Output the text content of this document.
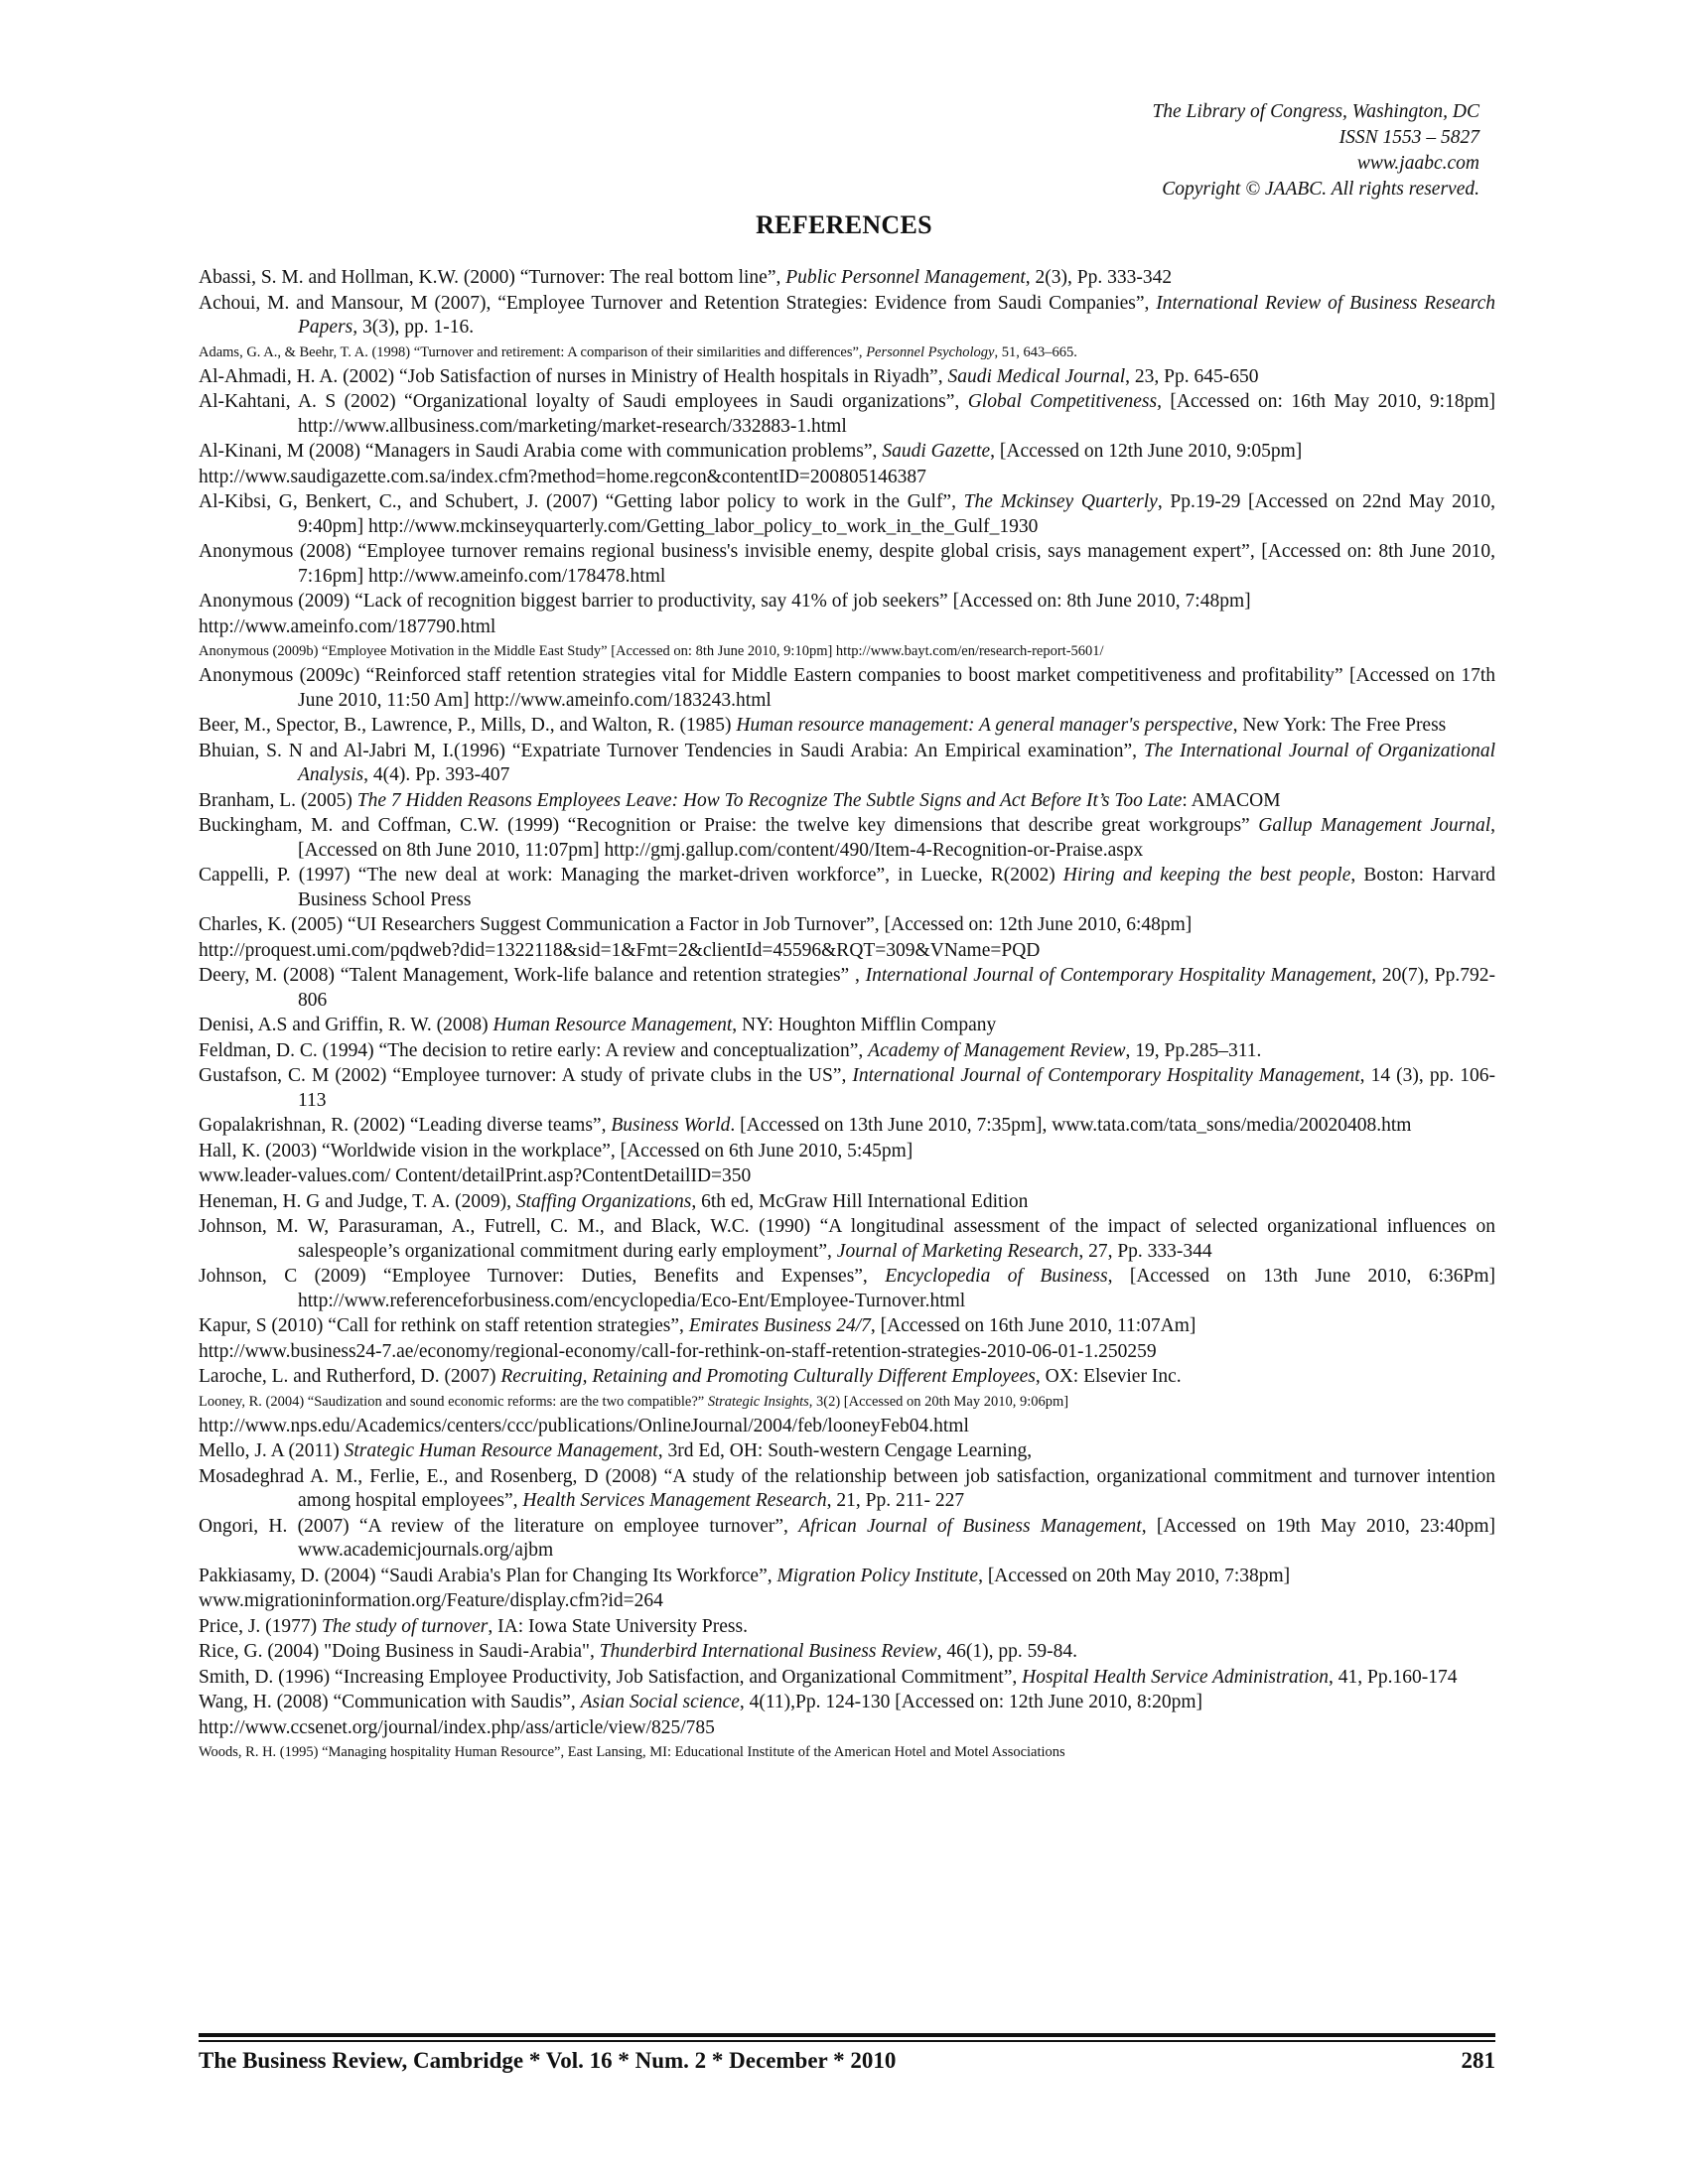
The Library of Congress, Washington, DC
ISSN 1553 – 5827
www.jaabc.com
Copyright © JAABC. All rights reserved.
REFERENCES
Abassi, S. M. and Hollman, K.W. (2000) “Turnover: The real bottom line”, Public Personnel Management, 2(3), Pp. 333-342
Achoui, M. and Mansour, M (2007), “Employee Turnover and Retention Strategies: Evidence from Saudi Companies”, International Review of Business Research Papers, 3(3), pp. 1-16.
Adams, G. A., & Beehr, T. A. (1998) “Turnover and retirement: A comparison of their similarities and differences”, Personnel Psychology, 51, 643–665.
Al-Ahmadi, H. A. (2002) “Job Satisfaction of nurses in Ministry of Health hospitals in Riyadh”, Saudi Medical Journal, 23, Pp. 645-650
Al-Kahtani, A. S (2002) “Organizational loyalty of Saudi employees in Saudi organizations”, Global Competitiveness, [Accessed on: 16th May 2010, 9:18pm] http://www.allbusiness.com/marketing/market-research/332883-1.html
Al-Kinani, M (2008) “Managers in Saudi Arabia come with communication problems”, Saudi Gazette, [Accessed on 12th June 2010, 9:05pm]
http://www.saudigazette.com.sa/index.cfm?method=home.regcon&contentID=200805146387
Al-Kibsi, G, Benkert, C., and Schubert, J. (2007) “Getting labor policy to work in the Gulf”, The Mckinsey Quarterly, Pp.19-29 [Accessed on 22nd May 2010, 9:40pm] http://www.mckinseyquarterly.com/Getting_labor_policy_to_work_in_the_Gulf_1930
Anonymous (2008) “Employee turnover remains regional business's invisible enemy, despite global crisis, says management expert”, [Accessed on: 8th June 2010, 7:16pm] http://www.ameinfo.com/178478.html
Anonymous (2009) “Lack of recognition biggest barrier to productivity, say 41% of job seekers” [Accessed on: 8th June 2010, 7:48pm]
http://www.ameinfo.com/187790.html
Anonymous (2009b) “Employee Motivation in the Middle East Study” [Accessed on: 8th June 2010, 9:10pm] http://www.bayt.com/en/research-report-5601/
Anonymous (2009c) “Reinforced staff retention strategies vital for Middle Eastern companies to boost market competitiveness and profitability” [Accessed on 17th June 2010, 11:50 Am] http://www.ameinfo.com/183243.html
Beer, M., Spector, B., Lawrence, P., Mills, D., and Walton, R. (1985) Human resource management: A general manager's perspective, New York: The Free Press
Bhuian, S. N and Al-Jabri M, I.(1996) “Expatriate Turnover Tendencies in Saudi Arabia: An Empirical examination”, The International Journal of Organizational Analysis, 4(4). Pp. 393-407
Branham, L. (2005) The 7 Hidden Reasons Employees Leave: How To Recognize The Subtle Signs and Act Before It’s Too Late: AMACOM
Buckingham, M. and Coffman, C.W. (1999) “Recognition or Praise: the twelve key dimensions that describe great workgroups” Gallup Management Journal, [Accessed on 8th June 2010, 11:07pm] http://gmj.gallup.com/content/490/Item-4-Recognition-or-Praise.aspx
Cappelli, P. (1997) “The new deal at work: Managing the market-driven workforce”, in Luecke, R(2002) Hiring and keeping the best people, Boston: Harvard Business School Press
Charles, K. (2005) “UI Researchers Suggest Communication a Factor in Job Turnover”, [Accessed on: 12th June 2010, 6:48pm]
http://proquest.umi.com/pqdweb?did=1322118&sid=1&Fmt=2&clientId=45596&RQT=309&VName=PQD
Deery, M. (2008) “Talent Management, Work-life balance and retention strategies” , International Journal of Contemporary Hospitality Management, 20(7), Pp.792-806
Denisi, A.S and Griffin, R. W. (2008) Human Resource Management, NY: Houghton Mifflin Company
Feldman, D. C. (1994) “The decision to retire early: A review and conceptualization”, Academy of Management Review, 19, Pp.285–311.
Gustafson, C. M (2002) “Employee turnover: A study of private clubs in the US”, International Journal of Contemporary Hospitality Management, 14 (3), pp. 106-113
Gopalakrishnan, R. (2002) “Leading diverse teams”, Business World. [Accessed on 13th June 2010, 7:35pm], www.tata.com/tata_sons/media/20020408.htm
Hall, K. (2003) “Worldwide vision in the workplace”, [Accessed on 6th June 2010, 5:45pm]
www.leader-values.com/ Content/detailPrint.asp?ContentDetailID=350
Heneman, H. G and Judge, T. A. (2009), Staffing Organizations, 6th ed, McGraw Hill International Edition
Johnson, M. W, Parasuraman, A., Futrell, C. M., and Black, W.C. (1990) “A longitudinal assessment of the impact of selected organizational influences on salespeople’s organizational commitment during early employment”, Journal of Marketing Research, 27, Pp. 333-344
Johnson, C (2009) “Employee Turnover: Duties, Benefits and Expenses”, Encyclopedia of Business, [Accessed on 13th June 2010, 6:36Pm] http://www.referenceforbusiness.com/encyclopedia/Eco-Ent/Employee-Turnover.html
Kapur, S (2010) “Call for rethink on staff retention strategies”, Emirates Business 24/7, [Accessed on 16th June 2010, 11:07Am]
http://www.business24-7.ae/economy/regional-economy/call-for-rethink-on-staff-retention-strategies-2010-06-01-1.250259
Laroche, L. and Rutherford, D. (2007) Recruiting, Retaining and Promoting Culturally Different Employees, OX: Elsevier Inc.
Looney, R. (2004) “Saudization and sound economic reforms: are the two compatible?” Strategic Insights, 3(2) [Accessed on 20th May 2010, 9:06pm]
http://www.nps.edu/Academics/centers/ccc/publications/OnlineJournal/2004/feb/looneyFeb04.html
Mello, J. A (2011) Strategic Human Resource Management, 3rd Ed, OH: South-western Cengage Learning,
Mosadeghrad A. M., Ferlie, E., and Rosenberg, D (2008) “A study of the relationship between job satisfaction, organizational commitment and turnover intention among hospital employees”, Health Services Management Research, 21, Pp. 211- 227
Ongori, H. (2007) “A review of the literature on employee turnover”, African Journal of Business Management, [Accessed on 19th May 2010, 23:40pm] www.academicjournals.org/ajbm
Pakkiasamy, D. (2004) “Saudi Arabia's Plan for Changing Its Workforce”, Migration Policy Institute, [Accessed on 20th May 2010, 7:38pm]
www.migrationinformation.org/Feature/display.cfm?id=264
Price, J. (1977) The study of turnover, IA: Iowa State University Press.
Rice, G. (2004) "Doing Business in Saudi-Arabia", Thunderbird International Business Review, 46(1), pp. 59-84.
Smith, D. (1996) “Increasing Employee Productivity, Job Satisfaction, and Organizational Commitment”, Hospital Health Service Administration, 41, Pp.160-174
Wang, H. (2008) “Communication with Saudis”, Asian Social science, 4(11),Pp. 124-130 [Accessed on: 12th June 2010, 8:20pm]
http://www.ccsenet.org/journal/index.php/ass/article/view/825/785
Woods, R. H. (1995) “Managing hospitality Human Resource”, East Lansing, MI: Educational Institute of the American Hotel and Motel Associations
The Business Review, Cambridge * Vol. 16 * Num. 2 * December * 2010	281
